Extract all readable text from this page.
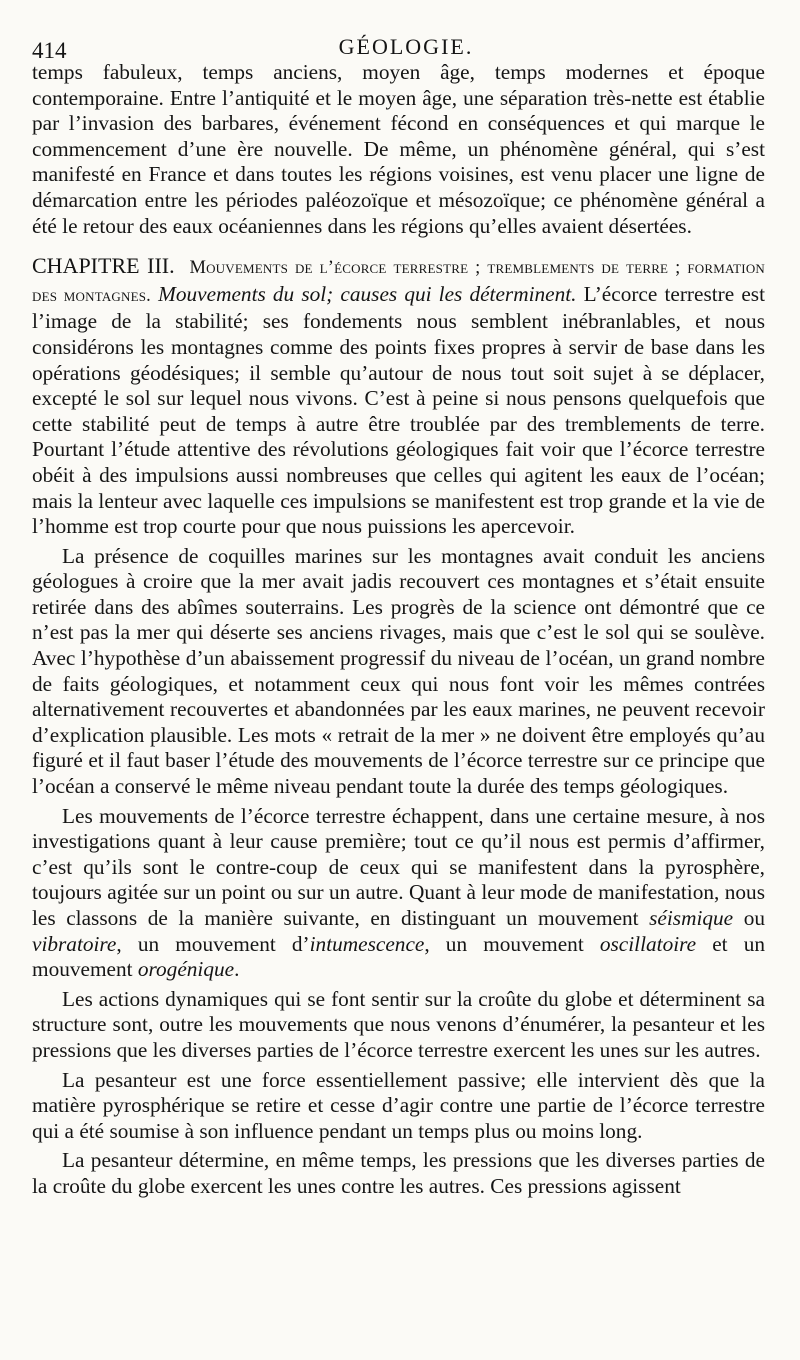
414	GÉOLOGIE.

temps fabuleux, temps anciens, moyen âge, temps modernes et époque contemporaine. Entre l’antiquité et le moyen âge, une séparation très-nette est établie par l’invasion des barbares, événement fécond en conséquences et qui marque le commencement d’une ère nouvelle. De même, un phénomène général, qui s’est manifesté en France et dans toutes les régions voisines, est venu placer une ligne de démarcation entre les périodes paléozoïque et mésozoïque; ce phénomène général a été le retour des eaux océaniennes dans les régions qu’elles avaient désertées.

CHAPITRE III. Mouvements de l’écorce terrestre ; tremblements de terre ; formation des montagnes. Mouvements du sol; causes qui les déterminent. L’écorce terrestre est l’image de la stabilité; ses fondements nous semblent inébranlables, et nous considérons les montagnes comme des points fixes propres à servir de base dans les opérations géodésiques; il semble qu’autour de nous tout soit sujet à se déplacer, excepté le sol sur lequel nous vivons. C’est à peine si nous pensons quelquefois que cette stabilité peut de temps à autre être troublée par des tremblements de terre. Pourtant l’étude attentive des révolutions géologiques fait voir que l’écorce terrestre obéit à des impulsions aussi nombreuses que celles qui agitent les eaux de l’océan; mais la lenteur avec laquelle ces impulsions se manifestent est trop grande et la vie de l’homme est trop courte pour que nous puissions les apercevoir.

La présence de coquilles marines sur les montagnes avait conduit les anciens géologues à croire que la mer avait jadis recouvert ces montagnes et s’était ensuite retirée dans des abîmes souterrains. Les progrès de la science ont démontré que ce n’est pas la mer qui déserte ses anciens rivages, mais que c’est le sol qui se soulève. Avec l’hypothèse d’un abaissement progressif du niveau de l’océan, un grand nombre de faits géologiques, et notamment ceux qui nous font voir les mêmes contrées alternativement recouvertes et abandonnées par les eaux marines, ne peuvent recevoir d’explication plausible. Les mots « retrait de la mer » ne doivent être employés qu’au figuré et il faut baser l’étude des mouvements de l’écorce terrestre sur ce principe que l’océan a conservé le même niveau pendant toute la durée des temps géologiques.

Les mouvements de l’écorce terrestre échappent, dans une certaine mesure, à nos investigations quant à leur cause première; tout ce qu’il nous est permis d’affirmer, c’est qu’ils sont le contre-coup de ceux qui se manifestent dans la pyrosphère, toujours agitée sur un point ou sur un autre. Quant à leur mode de manifestation, nous les classons de la manière suivante, en distinguant un mouvement séismique ou vibratoire, un mouvement d’intumescence, un mouvement oscillatoire et un mouvement orogénique.

Les actions dynamiques qui se font sentir sur la croûte du globe et déterminent sa structure sont, outre les mouvements que nous venons d’énumérer, la pesanteur et les pressions que les diverses parties de l’écorce terrestre exercent les unes sur les autres.

La pesanteur est une force essentiellement passive; elle intervient dès que la matière pyrosphérique se retire et cesse d’agir contre une partie de l’écorce terrestre qui a été soumise à son influence pendant un temps plus ou moins long.

La pesanteur détermine, en même temps, les pressions que les diverses parties de la croûte du globe exercent les unes contre les autres. Ces pressions agissent
